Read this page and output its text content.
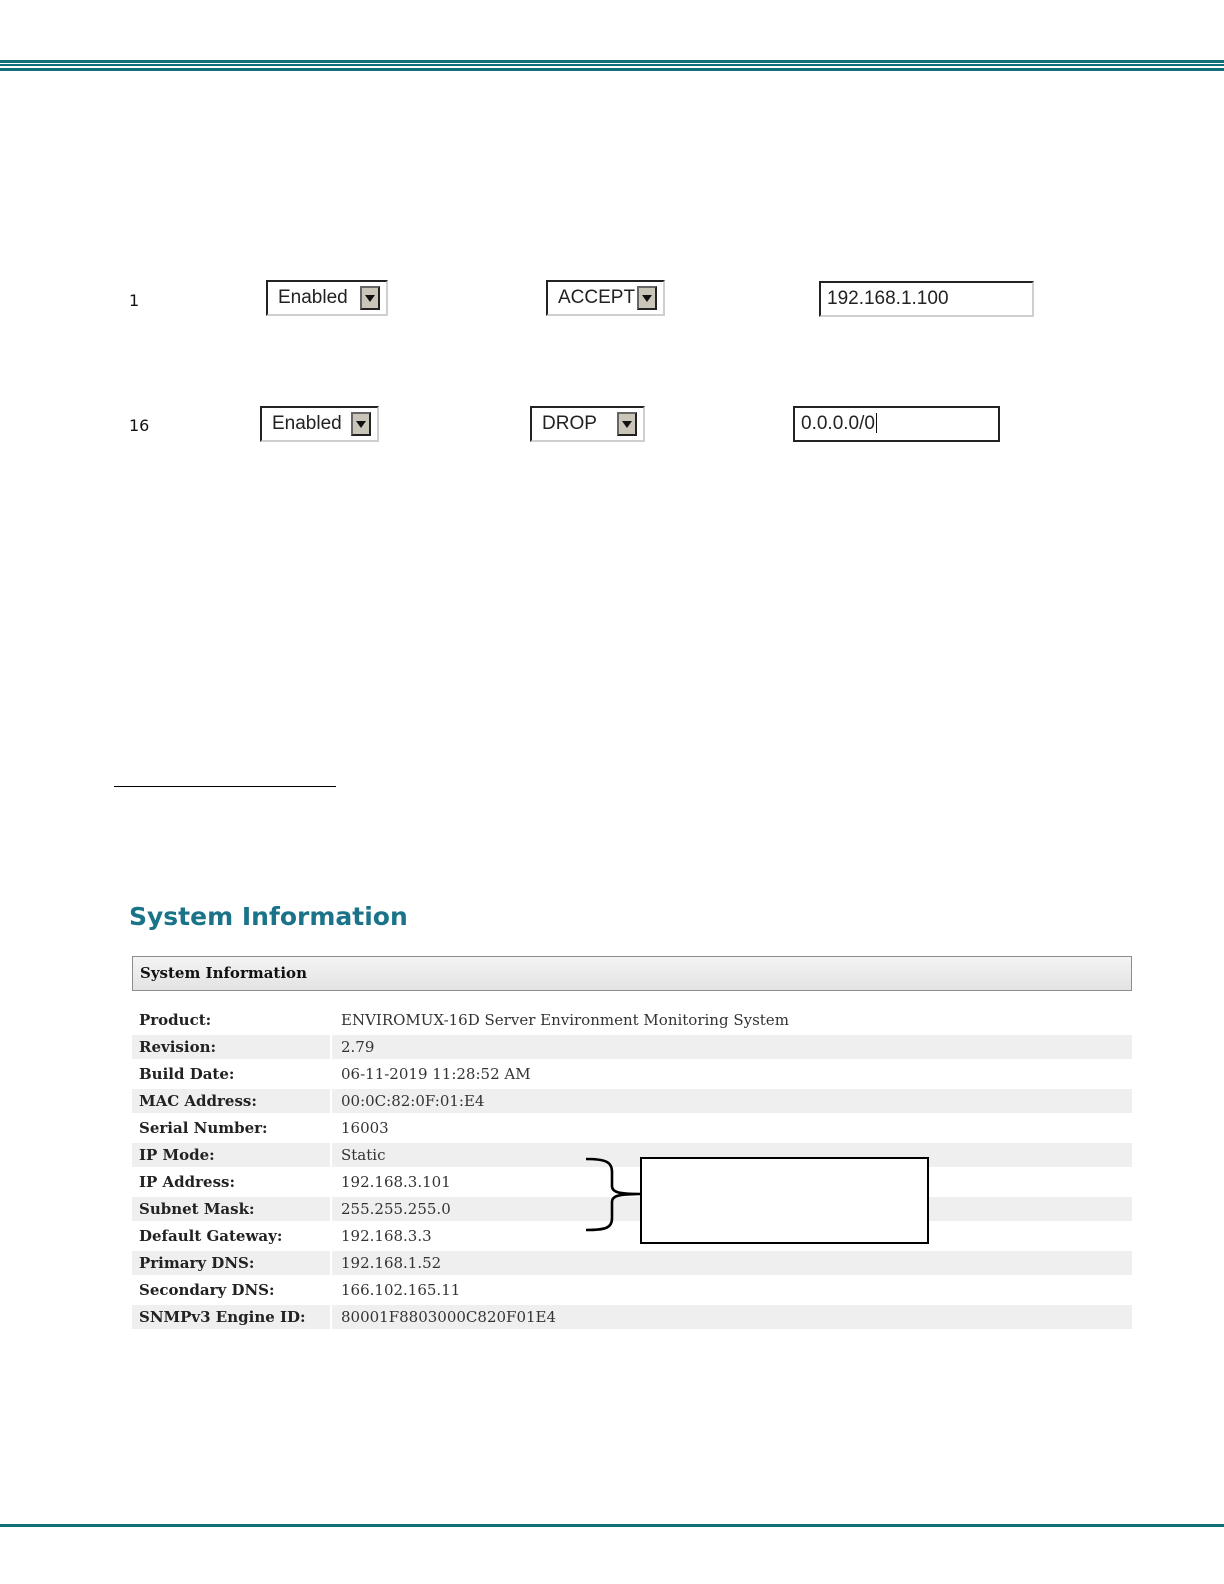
1	Enabled	ACCEPT	192.168.1.100
16	Enabled	DROP	0.0.0.0/0
System Information
System Information
Product:	ENVIROMUX-16D Server Environment Monitoring System
Revision:	2.79
Build Date:	06-11-2019 11:28:52 AM
MAC Address:	00:0C:82:0F:01:E4
Serial Number:	16003
IP Mode:	Static
IP Address:	192.168.3.101
Subnet Mask:	255.255.255.0
Default Gateway:	192.168.3.3
Primary DNS:	192.168.1.52
Secondary DNS:	166.102.165.11
SNMPv3 Engine ID:	80001F8803000C820F01E4
